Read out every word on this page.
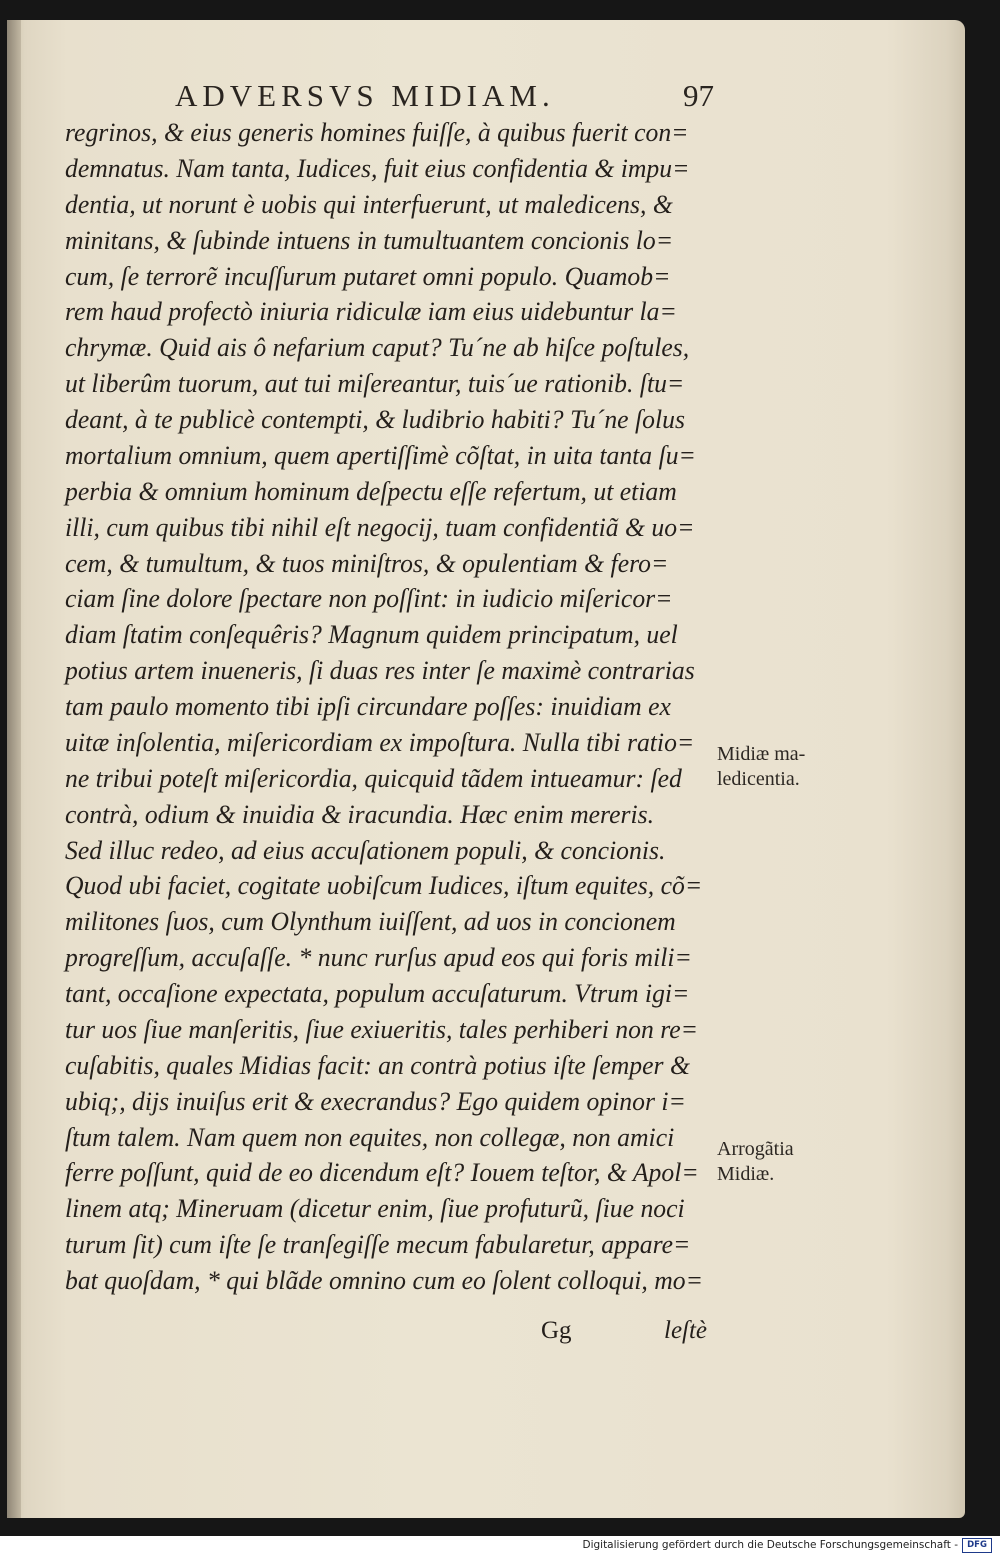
ADVERSVS MIDIAM.	97
regrinos, & eius generis homines fuiſſe, à quibus fuerit con=
demnatus. Nam tanta, Iudices, fuit eius confidentia & impu=
dentia, ut norunt è uobis qui interfuerunt, ut maledicens, &
minitans, & ſubinde intuens in tumultuantem concionis lo=
cum, ſe terrorẽ incuſſurum putaret omni populo. Quamob=
rem haud profectò iniuria ridiculæ iam eius uidebuntur la=
chrymæ. Quid ais ô nefarium caput? Tu´ne ab hiſce poſtules,
ut liberûm tuorum, aut tui miſereantur, tuis´ue rationib. ſtu=
deant, à te publicè contempti, & ludibrio habiti? Tu´ne ſolus
mortalium omnium, quem apertiſſimè cõſtat, in uita tanta ſu=
perbia & omnium hominum deſpectu eſſe refertum, ut etiam
illi, cum quibus tibi nihil eſt negocij, tuam confidentiã & uo=
cem, & tumultum, & tuos miniſtros, & opulentiam & fero=
ciam ſine dolore ſpectare non poſſint: in iudicio miſericor=
diam ſtatim conſequêris? Magnum quidem principatum, uel
potius artem inueneris, ſi duas res inter ſe maximè contrarias
tam paulo momento tibi ipſi circundare poſſes: inuidiam ex
uitæ inſolentia, miſericordiam ex impoſtura. Nulla tibi ratio=
ne tribui poteſt miſericordia, quicquid tãdem intueamur: ſed
contrà, odium & inuidia & iracundia. Hæc enim mereris.
Sed illuc redeo, ad eius accuſationem populi, & concionis.
Quod ubi faciet, cogitate uobiſcum Iudices, iſtum equites, cõ=
militones ſuos, cum Olynthum iuiſſent, ad uos in concionem
progreſſum, accuſaſſe. * nunc rurſus apud eos qui foris mili=
tant, occaſione expectata, populum accuſaturum. Vtrum igi=
tur uos ſiue manſeritis, ſiue exiueritis, tales perhiberi non re=
cuſabitis, quales Midias facit: an contrà potius iſte ſemper &
ubiq;, dijs inuiſus erit & execrandus? Ego quidem opinor i=
ſtum talem. Nam quem non equites, non collegæ, non amici
ferre poſſunt, quid de eo dicendum eſt? Iouem teſtor, & Apol=
linem atq; Mineruam (dicetur enim, ſiue profuturũ, ſiue noci
turum ſit) cum iſte ſe tranſegiſſe mecum fabularetur, appare=
bat quoſdam, * qui blãde omnino cum eo ſolent colloqui, mo=
Midiæ ma-
ledicentia.
Arrogãtia
Midiæ.
Gg	leſtè
Digitalisierung gefördert durch die Deutsche Forschungsgemeinschaft -	DFG
